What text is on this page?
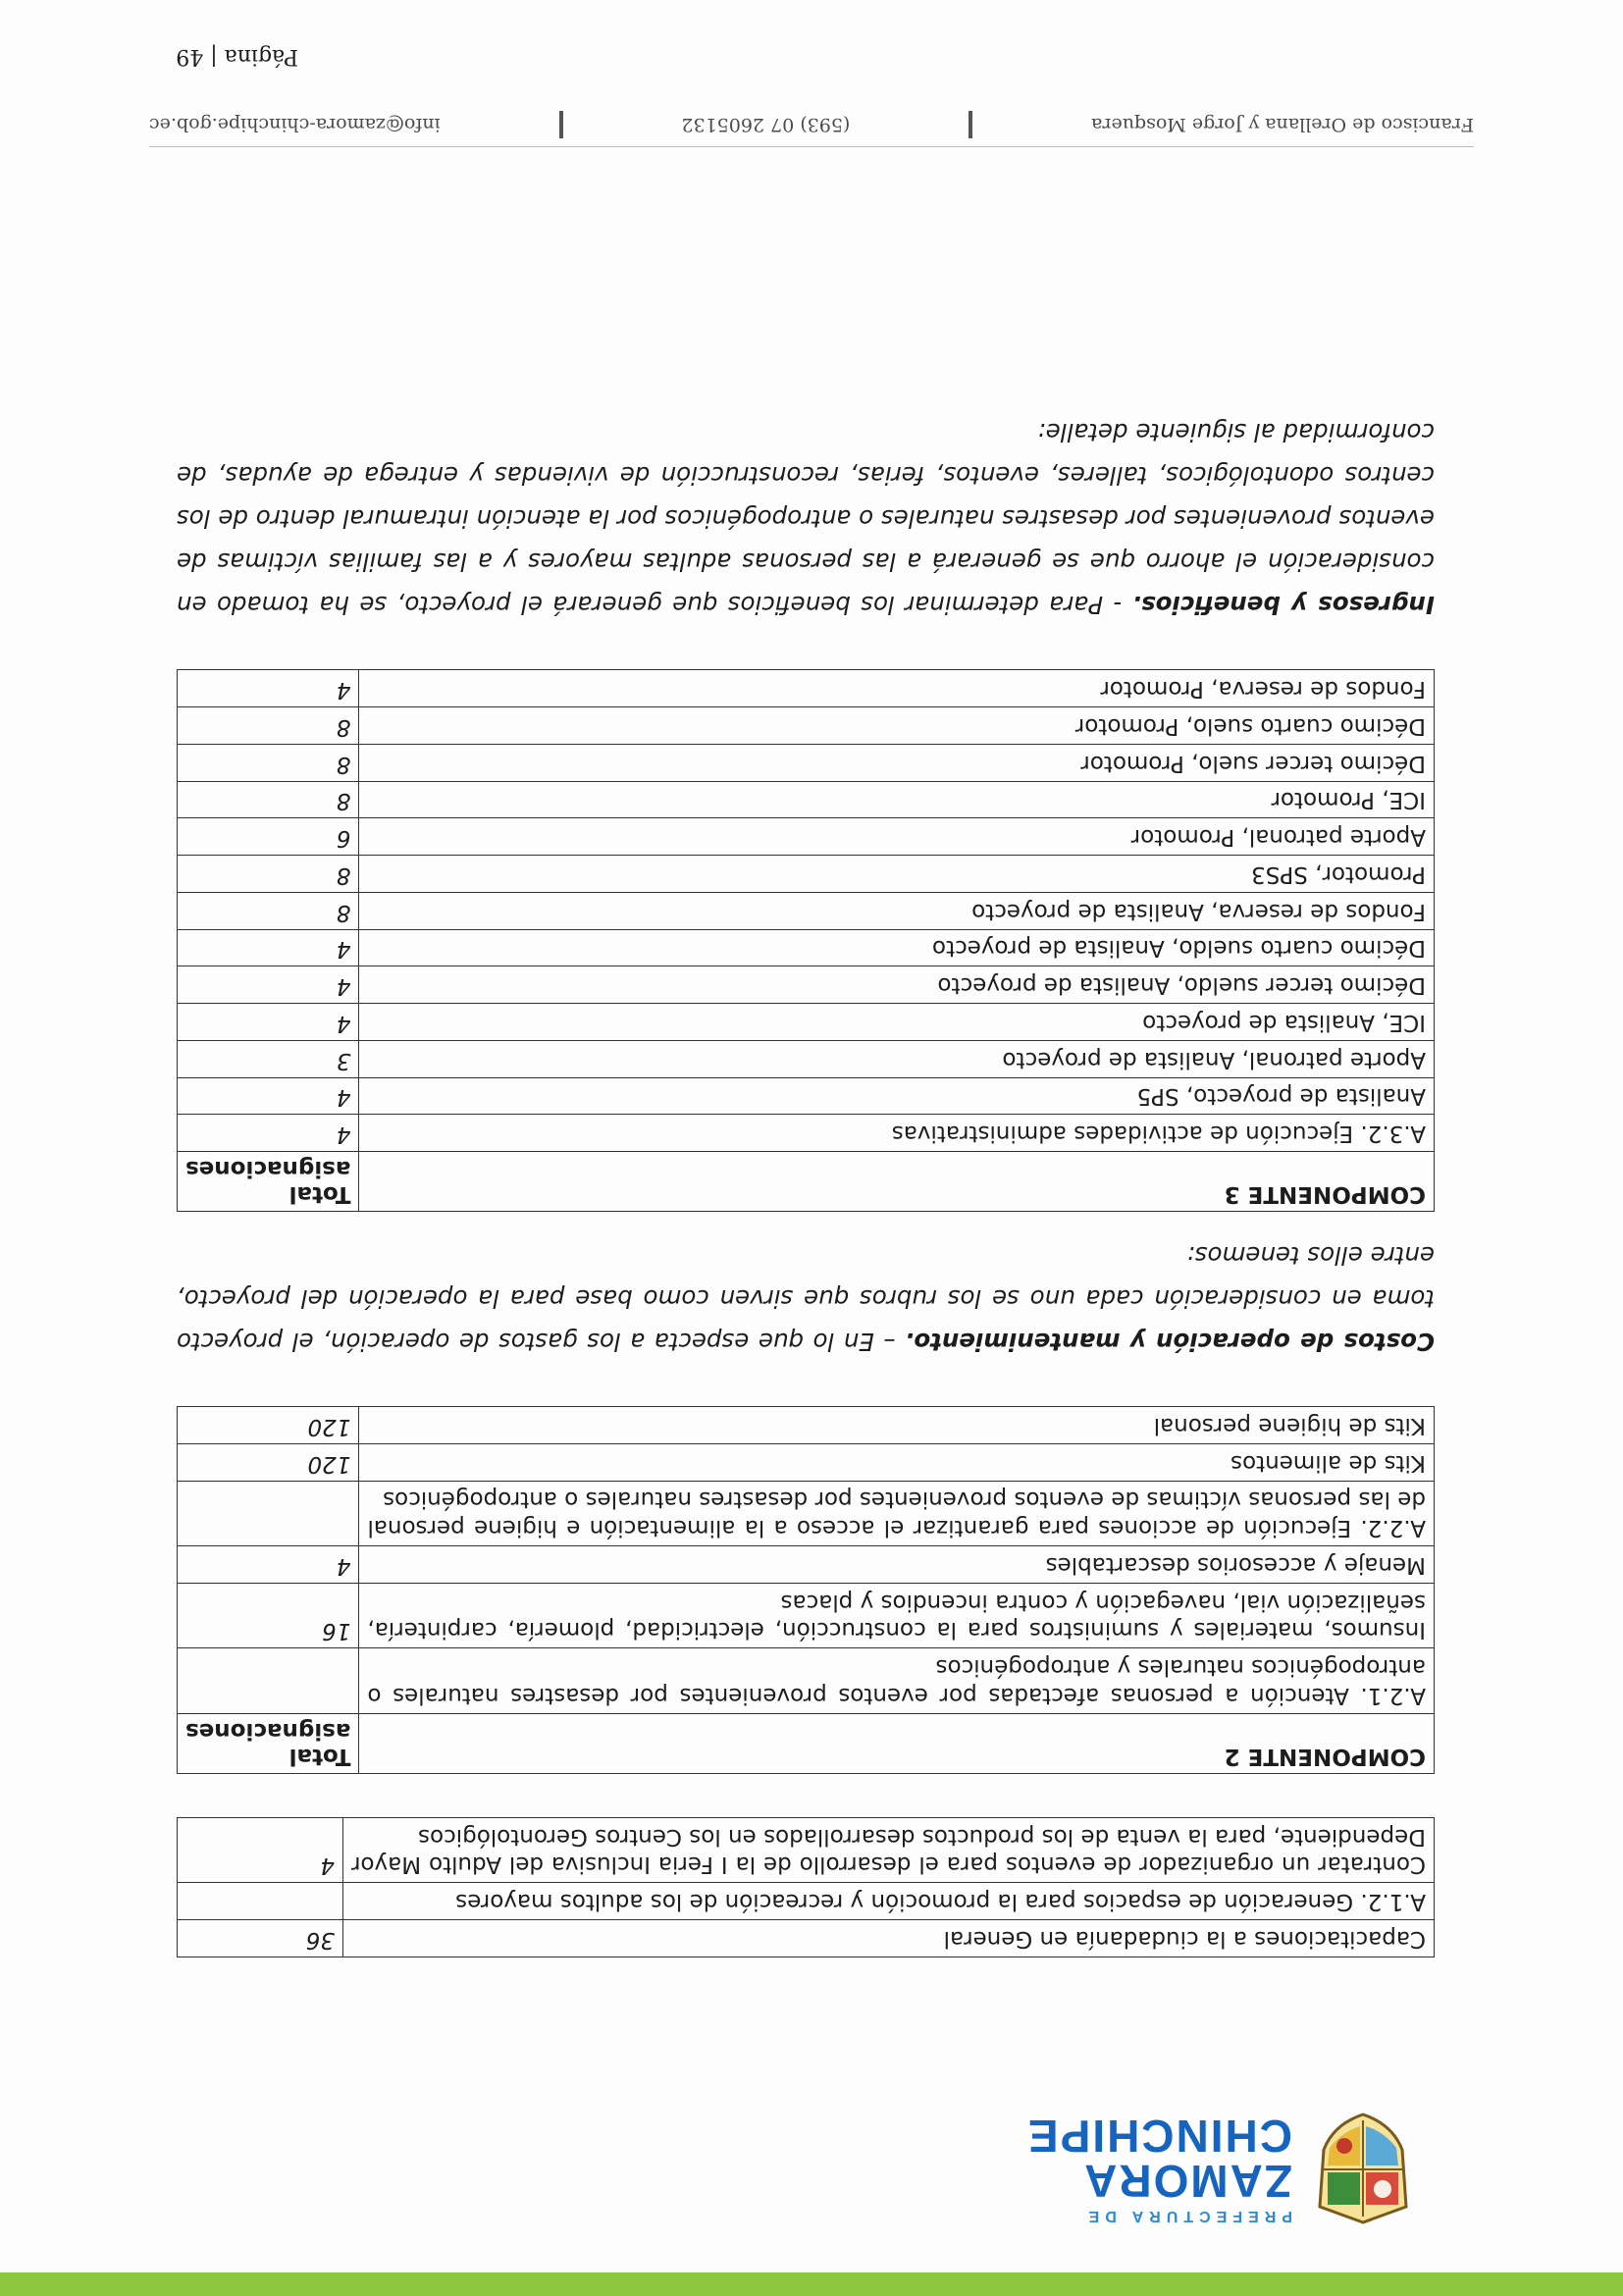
PREFECTURA DE
ZAMORA
CHINCHIPE
Capacitaciones a la ciudadanía en General	36
A.1.2. Generación de espacios para la promoción y recreación de los adultos mayores	
Contratar un organizador de eventos para el desarrollo de la I Feria Inclusiva del Adulto Mayor Dependiente, para la venta de los productos desarrollados en los Centros Gerontológicos	4
COMPONENTE 2	Total asignaciones
A.2.1. Atención a personas afectadas por eventos provenientes por desastres naturales o antropogénicos naturales y antropogénicos	
Insumos, materiales y suministros para la construcción, electricidad, plomería, carpintería, señalización vial, navegación y contra incendios y placas	16
Menaje y accesorios descartables	4
A.2.2. Ejecución de acciones para garantizar el acceso a la alimentación e higiene personal de las personas víctimas de eventos provenientes por desastres naturales o antropogénicos	
Kits de alimentos	120
Kits de higiene personal	120

Costos de operación y mantenimiento. – En lo que especta a los gastos de operación, el proyecto toma en consideración cada uno se los rubros que sirven como base para la operación del proyecto, entre ellos tenemos:

COMPONENTE 3	Total asignaciones
A.3.2. Ejecución de actividades administrativas	4
Analista de proyecto, SP5	4
Aporte patronal, Analista de proyecto	3
ICE, Analista de proyecto	4
Décimo tercer sueldo, Analista de proyecto	4
Décimo cuarto sueldo, Analista de proyecto	4
Fondos de reserva, Analista de proyecto	8
Promotor, SPS3	8
Aporte patronal, Promotor	6
ICE, Promotor	8
Décimo tercer suelo, Promotor	8
Décimo cuarto suelo, Promotor	8
Fondos de reserva, Promotor	4

Ingresos y beneficios. - Para determinar los beneficios que generará el proyecto, se ha tomado en consideración el ahorro que se generará a las personas adultas mayores y a las familias víctimas de eventos provenientes por desastres naturales o antropogénicos por la atención intramural dentro de los centros odontológicos, talleres, eventos, ferias, reconstrucción de viviendas y entrega de ayudas, de conformidad al siguiente detalle:

Francisco de Orellana y Jorge Mosquera
(593) 07 2605132
info@zamora-chinchipe.gob.ec
Página | 49
